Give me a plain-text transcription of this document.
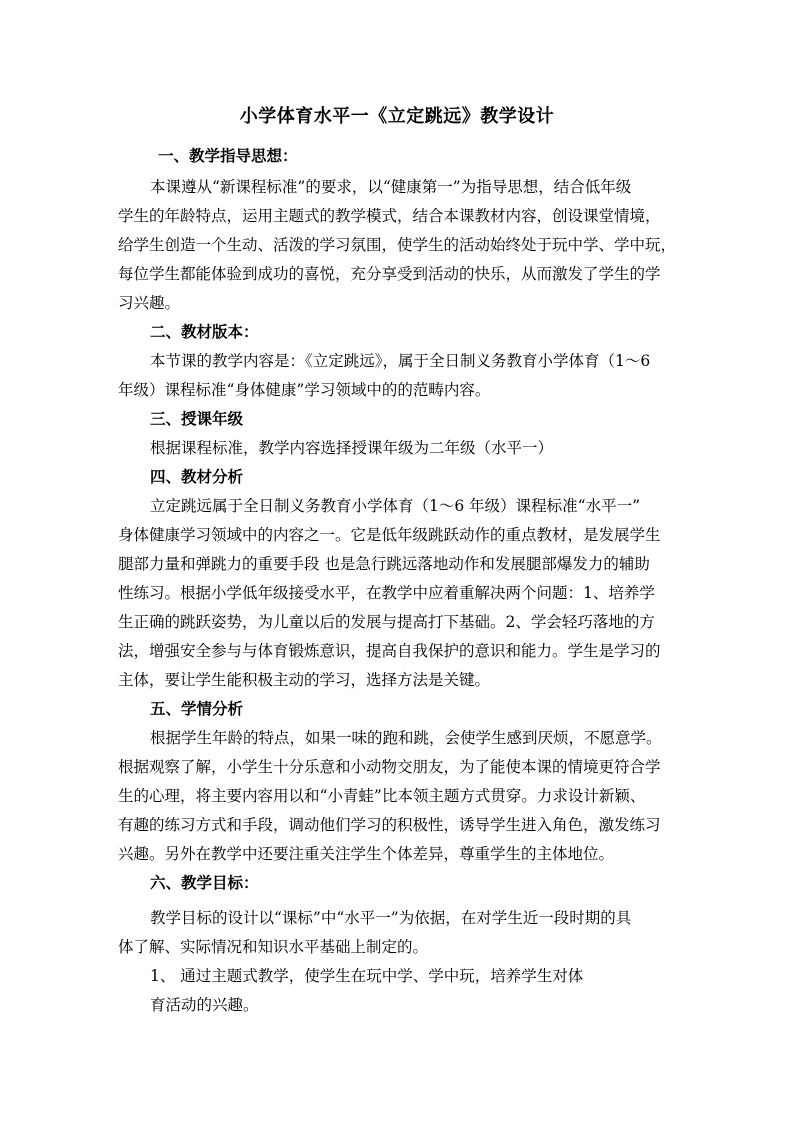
小学体育水平一《立定跳远》教学设计
一、教学指导思想：
本课遵从“新课程标准”的要求，以“健康第一”为指导思想，结合低年级
学生的年龄特点，运用主题式的教学模式，结合本课教材内容，创设课堂情境，
给学生创造一个生动、活泼的学习氛围，使学生的活动始终处于玩中学、学中玩，
每位学生都能体验到成功的喜悦，充分享受到活动的快乐，从而激发了学生的学
习兴趣。
二、教材版本：
本节课的教学内容是：《立定跳远》，属于全日制义务教育小学体育（1～6
年级）课程标准“身体健康”学习领域中的的范畴内容。
三、授课年级
根据课程标准，教学内容选择授课年级为二年级（水平一）
四、教材分析
立定跳远属于全日制义务教育小学体育（1～6 年级）课程标准“水平一”
身体健康学习领域中的内容之一。它是低年级跳跃动作的重点教材，是发展学生
腿部力量和弹跳力的重要手段 也是急行跳远落地动作和发展腿部爆发力的辅助
性练习。根据小学低年级接受水平，在教学中应着重解决两个问题：1、培养学
生正确的跳跃姿势，为儿童以后的发展与提高打下基础。2、学会轻巧落地的方
法，增强安全参与与体育锻炼意识，提高自我保护的意识和能力。学生是学习的
主体，要让学生能积极主动的学习，选择方法是关键。
五、学情分析
根据学生年龄的特点，如果一味的跑和跳，会使学生感到厌烦，不愿意学。
根据观察了解，小学生十分乐意和小动物交朋友，为了能使本课的情境更符合学
生的心理，将主要内容用以和“小青蛙”比本领主题方式贯穿。力求设计新颖、
有趣的练习方式和手段，调动他们学习的积极性，诱导学生进入角色，激发练习
兴趣。另外在教学中还要注重关注学生个体差异，尊重学生的主体地位。
六、教学目标：
教学目标的设计以“课标”中“水平一”为依据，在对学生近一段时期的具
体了解、实际情况和知识水平基础上制定的。
1、 通过主题式教学，使学生在玩中学、学中玩，培养学生对体
育活动的兴趣。
